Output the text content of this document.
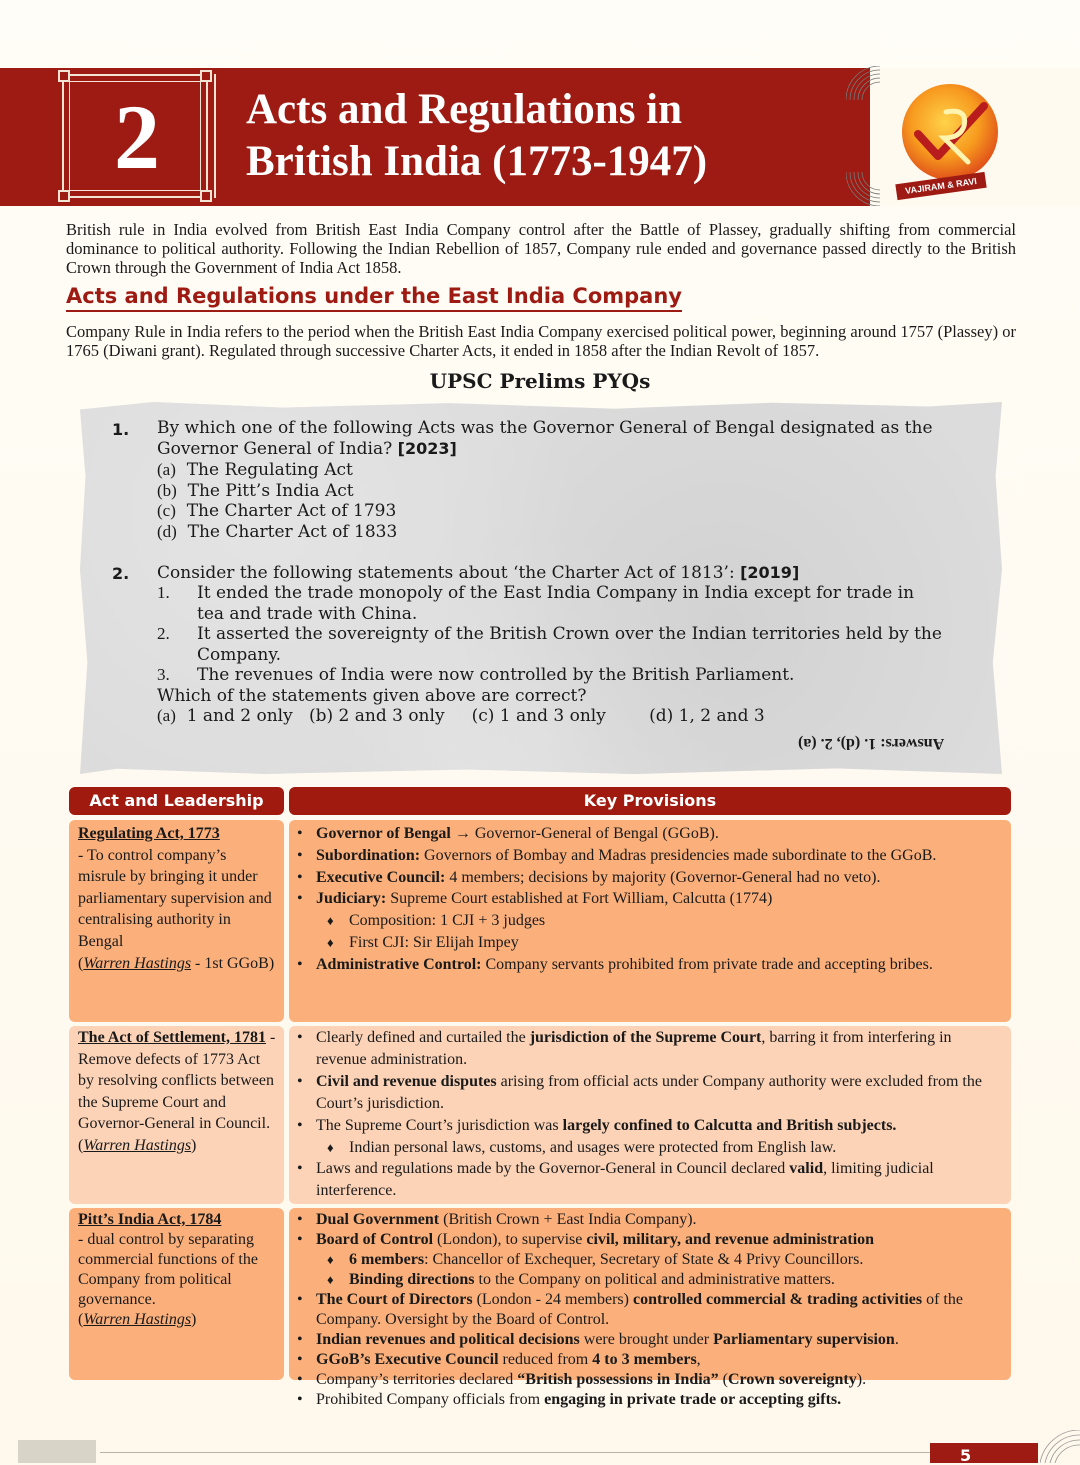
2	Acts and Regulations in
British India (1773-1947)
VAJIRAM & RAVI

British rule in India evolved from British East India Company control after the Battle of Plassey, gradually shifting from commercial dominance to political authority. Following the Indian Rebellion of 1857, Company rule ended and governance passed directly to the British Crown through the Government of India Act 1858.

Acts and Regulations under the East India Company

Company Rule in India refers to the period when the British East India Company exercised political power, beginning around 1757 (Plassey) or 1765 (Diwani grant). Regulated through successive Charter Acts, it ended in 1858 after the Indian Revolt of 1857.

UPSC Prelims PYQs
1. By which one of the following Acts was the Governor General of Bengal designated as the
Governor General of India? [2023]
(a) The Regulating Act
(b) The Pitt’s India Act
(c) The Charter Act of 1793
(d) The Charter Act of 1833
2. Consider the following statements about ‘the Charter Act of 1813’: [2019]
1. It ended the trade monopoly of the East India Company in India except for trade in
tea and trade with China.
2. It asserted the sovereignty of the British Crown over the Indian territories held by the
Company.
3. The revenues of India were now controlled by the British Parliament.
Which of the statements given above are correct?
(a) 1 and 2 only (b) 2 and 3 only (c) 1 and 3 only	(d) 1, 2 and 3
Answers: 1. (d), 2. (a)
Act and Leadership	Key Provisions
Regulating Act, 1773
- To control company’s misrule by bringing it under parliamentary supervision and centralising authority in Bengal
(Warren Hastings - 1st GGoB)
• Governor of Bengal → Governor-General of Bengal (GGoB).
• Subordination: Governors of Bombay and Madras presidencies made subordinate to the GGoB.
• Executive Council: 4 members; decisions by majority (Governor-General had no veto).
• Judiciary: Supreme Court established at Fort William, Calcutta (1774)
♦ Composition: 1 CJI + 3 judges
♦ First CJI: Sir Elijah Impey
• Administrative Control: Company servants prohibited from private trade and accepting bribes.
The Act of Settlement, 1781 - Remove defects of 1773 Act by resolving conflicts between the Supreme Court and Governor-General in Council.
(Warren Hastings)
• Clearly defined and curtailed the jurisdiction of the Supreme Court, barring it from interfering in revenue administration.
• Civil and revenue disputes arising from official acts under Company authority were excluded from the Court’s jurisdiction.
• The Supreme Court’s jurisdiction was largely confined to Calcutta and British subjects.
♦ Indian personal laws, customs, and usages were protected from English law.
• Laws and regulations made by the Governor-General in Council declared valid, limiting judicial interference.
Pitt’s India Act, 1784
- dual control by separating commercial functions of the Company from political governance.
(Warren Hastings)
• Dual Government (British Crown + East India Company).
• Board of Control (London), to supervise civil, military, and revenue administration
♦ 6 members: Chancellor of Exchequer, Secretary of State & 4 Privy Councillors.
♦ Binding directions to the Company on political and administrative matters.
• The Court of Directors (London - 24 members) controlled commercial & trading activities of the Company. Oversight by the Board of Control.
• Indian revenues and political decisions were brought under Parliamentary supervision.
• GGoB’s Executive Council reduced from 4 to 3 members,
• Company’s territories declared “British possessions in India” (Crown sovereignty).
• Prohibited Company officials from engaging in private trade or accepting gifts.
5
